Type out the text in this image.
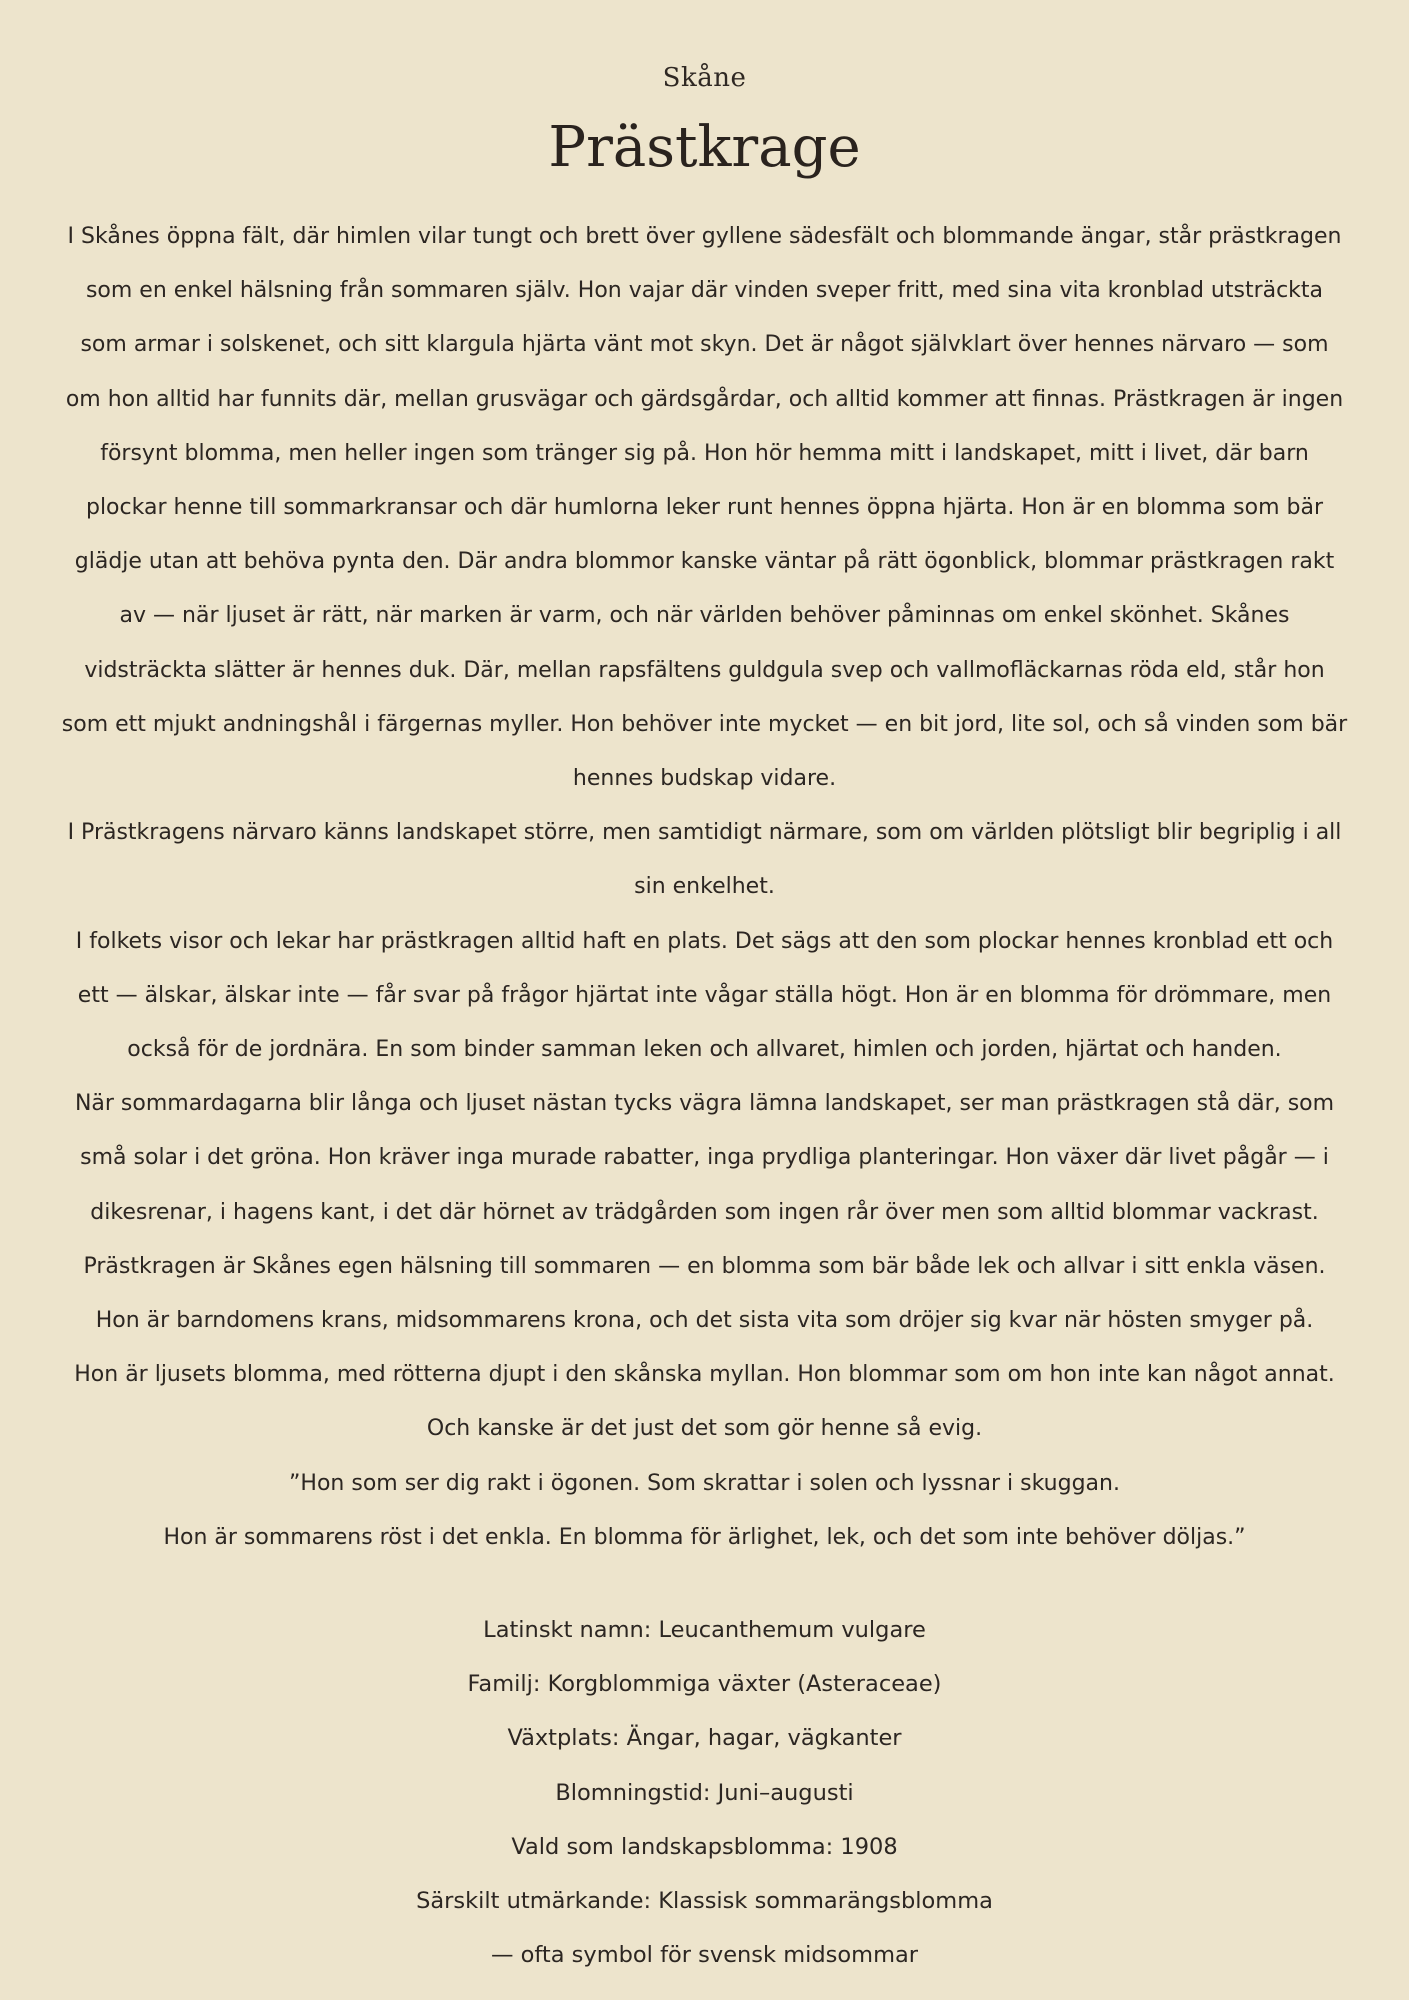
Skåne
Prästkrage

I Skånes öppna fält, där himlen vilar tungt och brett över gyllene sädesfält och blommande ängar, står prästkragen som en enkel hälsning från sommaren själv. Hon vajar där vinden sveper fritt, med sina vita kronblad utsträckta som armar i solskenet, och sitt klargula hjärta vänt mot skyn. Det är något självklart över hennes närvaro — som om hon alltid har funnits där, mellan grusvägar och gärdsgårdar, och alltid kommer att finnas. Prästkragen är ingen försynt blomma, men heller ingen som tränger sig på. Hon hör hemma mitt i landskapet, mitt i livet, där barn plockar henne till sommarkransar och där humlorna leker runt hennes öppna hjärta. Hon är en blomma som bär glädje utan att behöva pynta den. Där andra blommor kanske väntar på rätt ögonblick, blommar prästkragen rakt av — när ljuset är rätt, när marken är varm, och när världen behöver påminnas om enkel skönhet. Skånes vidsträckta slätter är hennes duk. Där, mellan rapsfältens guldgula svep och vallmofläckarnas röda eld, står hon som ett mjukt andningshål i färgernas myller. Hon behöver inte mycket — en bit jord, lite sol, och så vinden som bär hennes budskap vidare.

I Prästkragens närvaro känns landskapet större, men samtidigt närmare, som om världen plötsligt blir begriplig i all sin enkelhet.

I folkets visor och lekar har prästkragen alltid haft en plats. Det sägs att den som plockar hennes kronblad ett och ett — älskar, älskar inte — får svar på frågor hjärtat inte vågar ställa högt. Hon är en blomma för drömmare, men också för de jordnära. En som binder samman leken och allvaret, himlen och jorden, hjärtat och handen.

När sommardagarna blir långa och ljuset nästan tycks vägra lämna landskapet, ser man prästkragen stå där, som små solar i det gröna. Hon kräver inga murade rabatter, inga prydliga planteringar. Hon växer där livet pågår — i dikesrenar, i hagens kant, i det där hörnet av trädgården som ingen rår över men som alltid blommar vackrast.

Prästkragen är Skånes egen hälsning till sommaren — en blomma som bär både lek och allvar i sitt enkla väsen.

Hon är barndomens krans, midsommarens krona, och det sista vita som dröjer sig kvar när hösten smyger på.

Hon är ljusets blomma, med rötterna djupt i den skånska myllan. Hon blommar som om hon inte kan något annat.

Och kanske är det just det som gör henne så evig.

”Hon som ser dig rakt i ögonen. Som skrattar i solen och lyssnar i skuggan.

Hon är sommarens röst i det enkla. En blomma för ärlighet, lek, och det som inte behöver döljas.”

Latinskt namn: Leucanthemum vulgare
Familj: Korgblommiga växter (Asteraceae)
Växtplats: Ängar, hagar, vägkanter
Blomningstid: Juni–augusti
Vald som landskapsblomma: 1908
Särskilt utmärkande: Klassisk sommarängsblomma
— ofta symbol för svensk midsommar
